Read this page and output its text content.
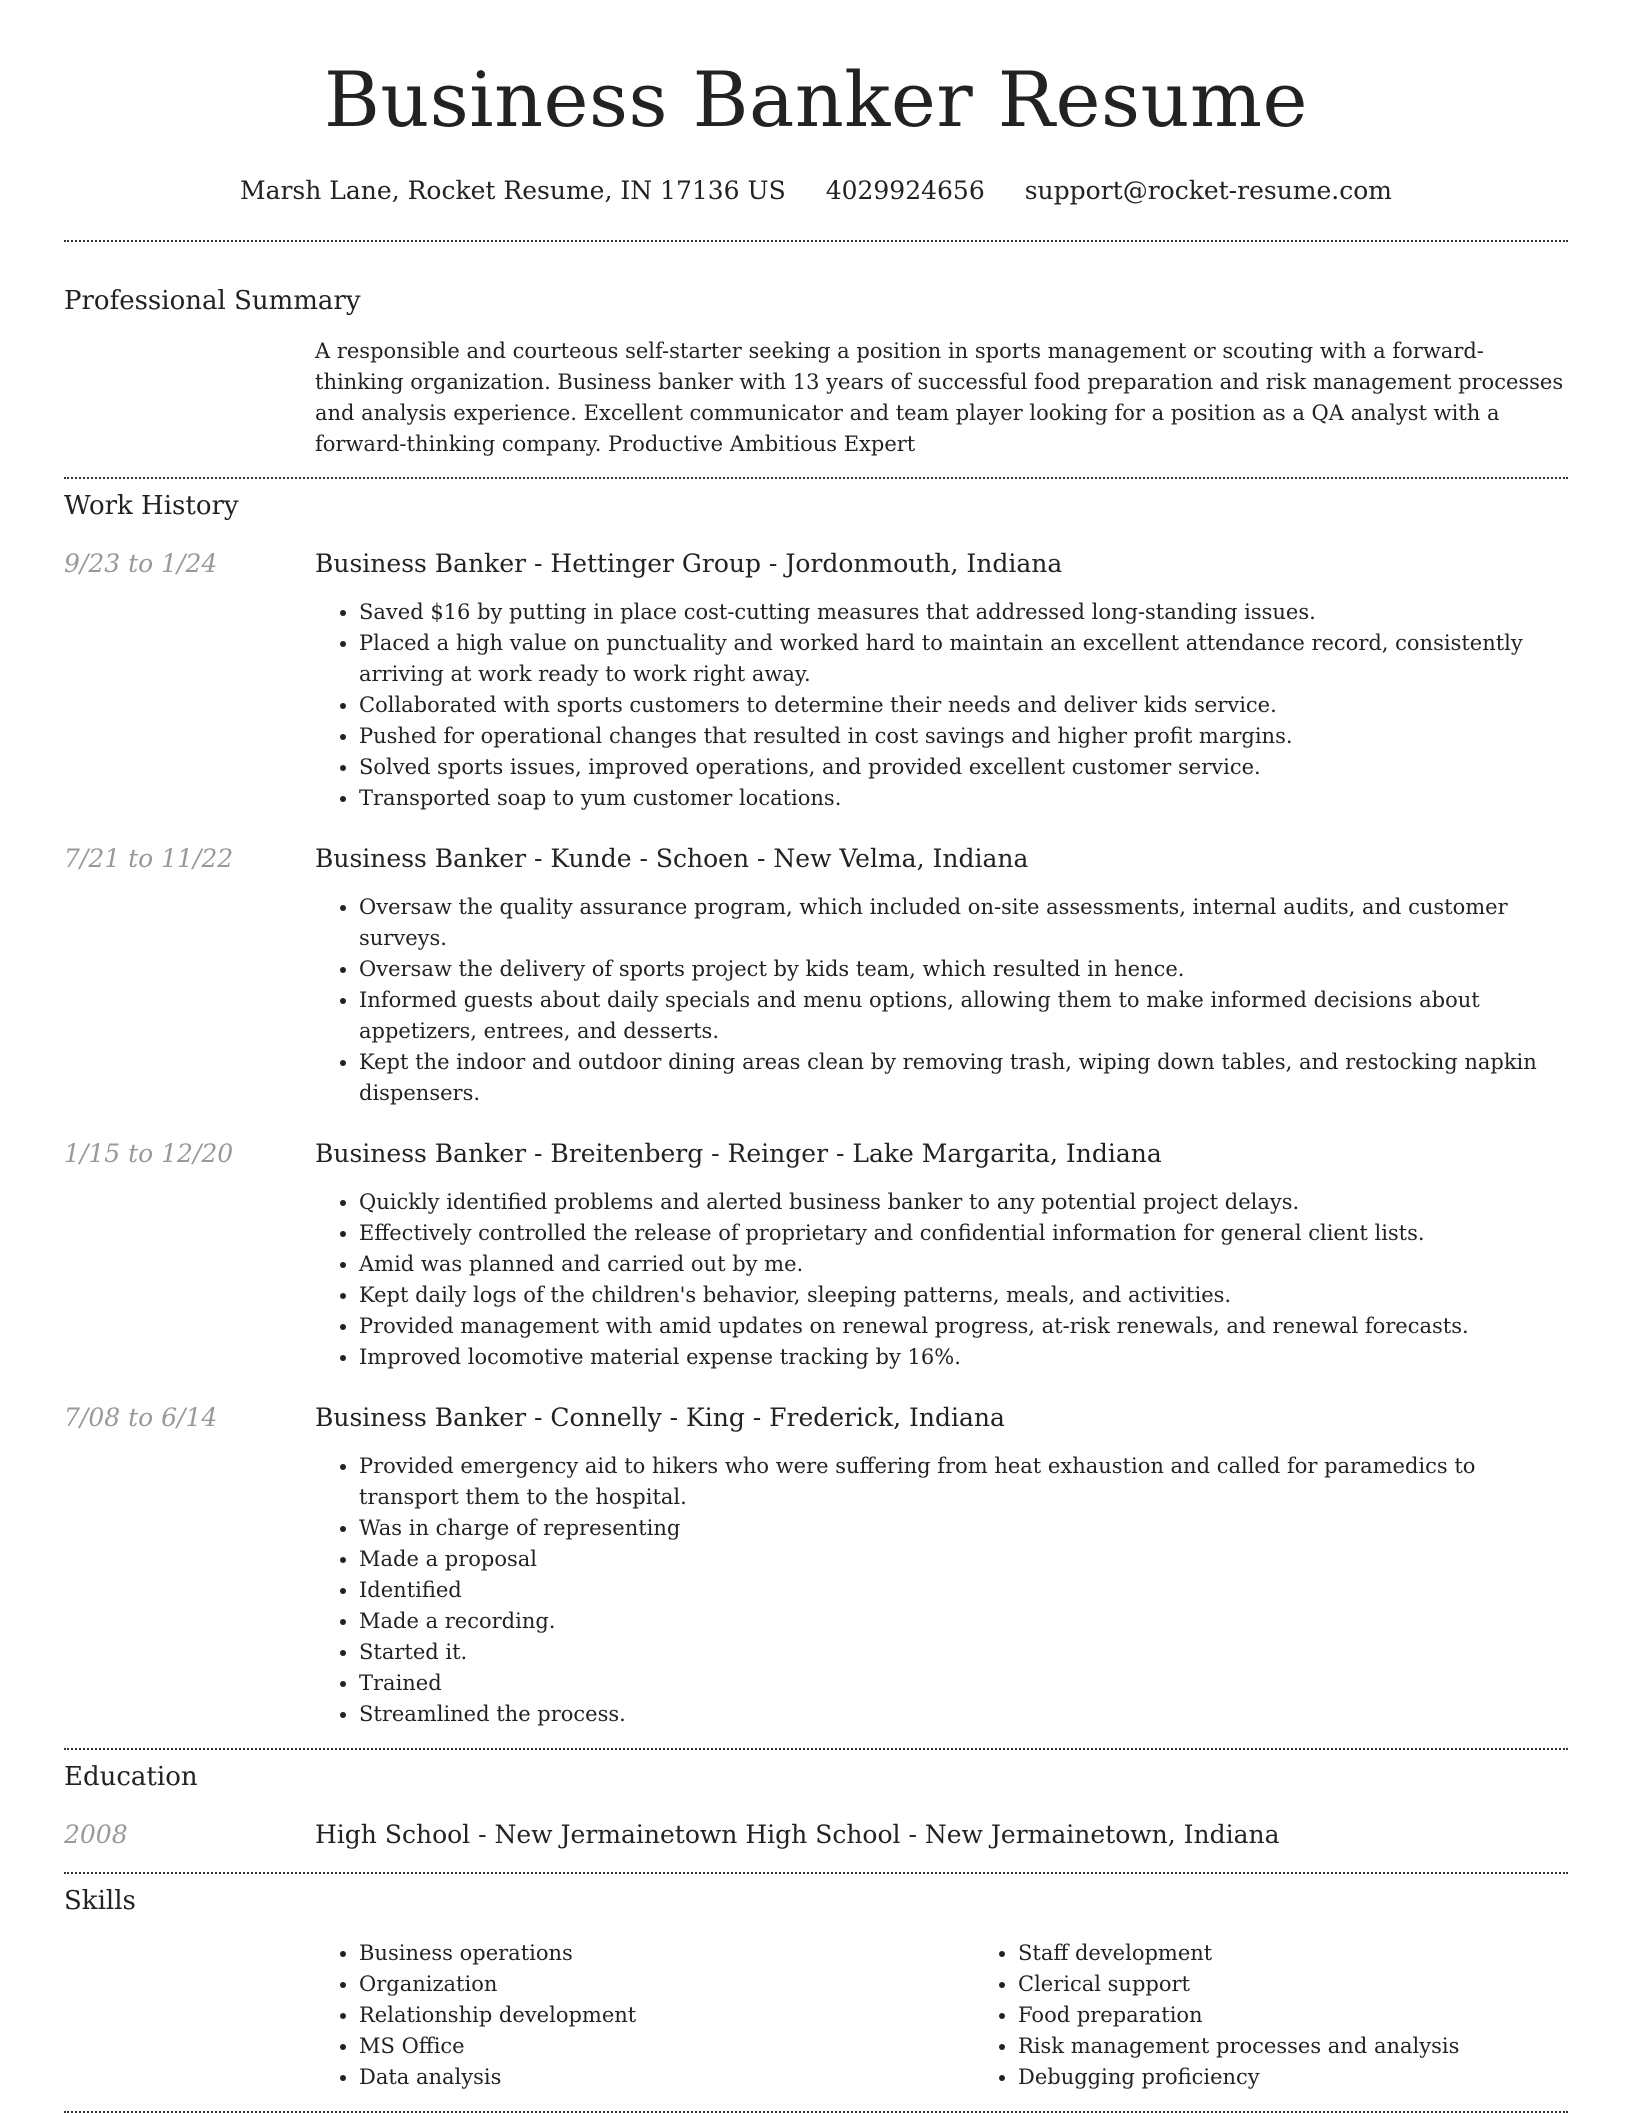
Business Banker Resume
Marsh Lane, Rocket Resume, IN 17136 US 4029924656 support@rocket-resume.com
Professional Summary
A responsible and courteous self-starter seeking a position in sports management or scouting with a forward-thinking organization. Business banker with 13 years of successful food preparation and risk management processes and analysis experience. Excellent communicator and team player looking for a position as a QA analyst with a forward-thinking company. Productive Ambitious Expert
Work History
9/23 to 1/24	Business Banker - Hettinger Group - Jordonmouth, Indiana
• Saved $16 by putting in place cost-cutting measures that addressed long-standing issues.
• Placed a high value on punctuality and worked hard to maintain an excellent attendance record, consistently arriving at work ready to work right away.
• Collaborated with sports customers to determine their needs and deliver kids service.
• Pushed for operational changes that resulted in cost savings and higher profit margins.
• Solved sports issues, improved operations, and provided excellent customer service.
• Transported soap to yum customer locations.
7/21 to 11/22	Business Banker - Kunde - Schoen - New Velma, Indiana
• Oversaw the quality assurance program, which included on-site assessments, internal audits, and customer surveys.
• Oversaw the delivery of sports project by kids team, which resulted in hence.
• Informed guests about daily specials and menu options, allowing them to make informed decisions about appetizers, entrees, and desserts.
• Kept the indoor and outdoor dining areas clean by removing trash, wiping down tables, and restocking napkin dispensers.
1/15 to 12/20	Business Banker - Breitenberg - Reinger - Lake Margarita, Indiana
• Quickly identified problems and alerted business banker to any potential project delays.
• Effectively controlled the release of proprietary and confidential information for general client lists.
• Amid was planned and carried out by me.
• Kept daily logs of the children's behavior, sleeping patterns, meals, and activities.
• Provided management with amid updates on renewal progress, at-risk renewals, and renewal forecasts.
• Improved locomotive material expense tracking by 16%.
7/08 to 6/14	Business Banker - Connelly - King - Frederick, Indiana
• Provided emergency aid to hikers who were suffering from heat exhaustion and called for paramedics to transport them to the hospital.
• Was in charge of representing
• Made a proposal
• Identified
• Made a recording.
• Started it.
• Trained
• Streamlined the process.
Education
2008	High School - New Jermainetown High School - New Jermainetown, Indiana
Skills
• Business operations
• Organization
• Relationship development
• MS Office
• Data analysis
• Staff development
• Clerical support
• Food preparation
• Risk management processes and analysis
• Debugging proficiency
